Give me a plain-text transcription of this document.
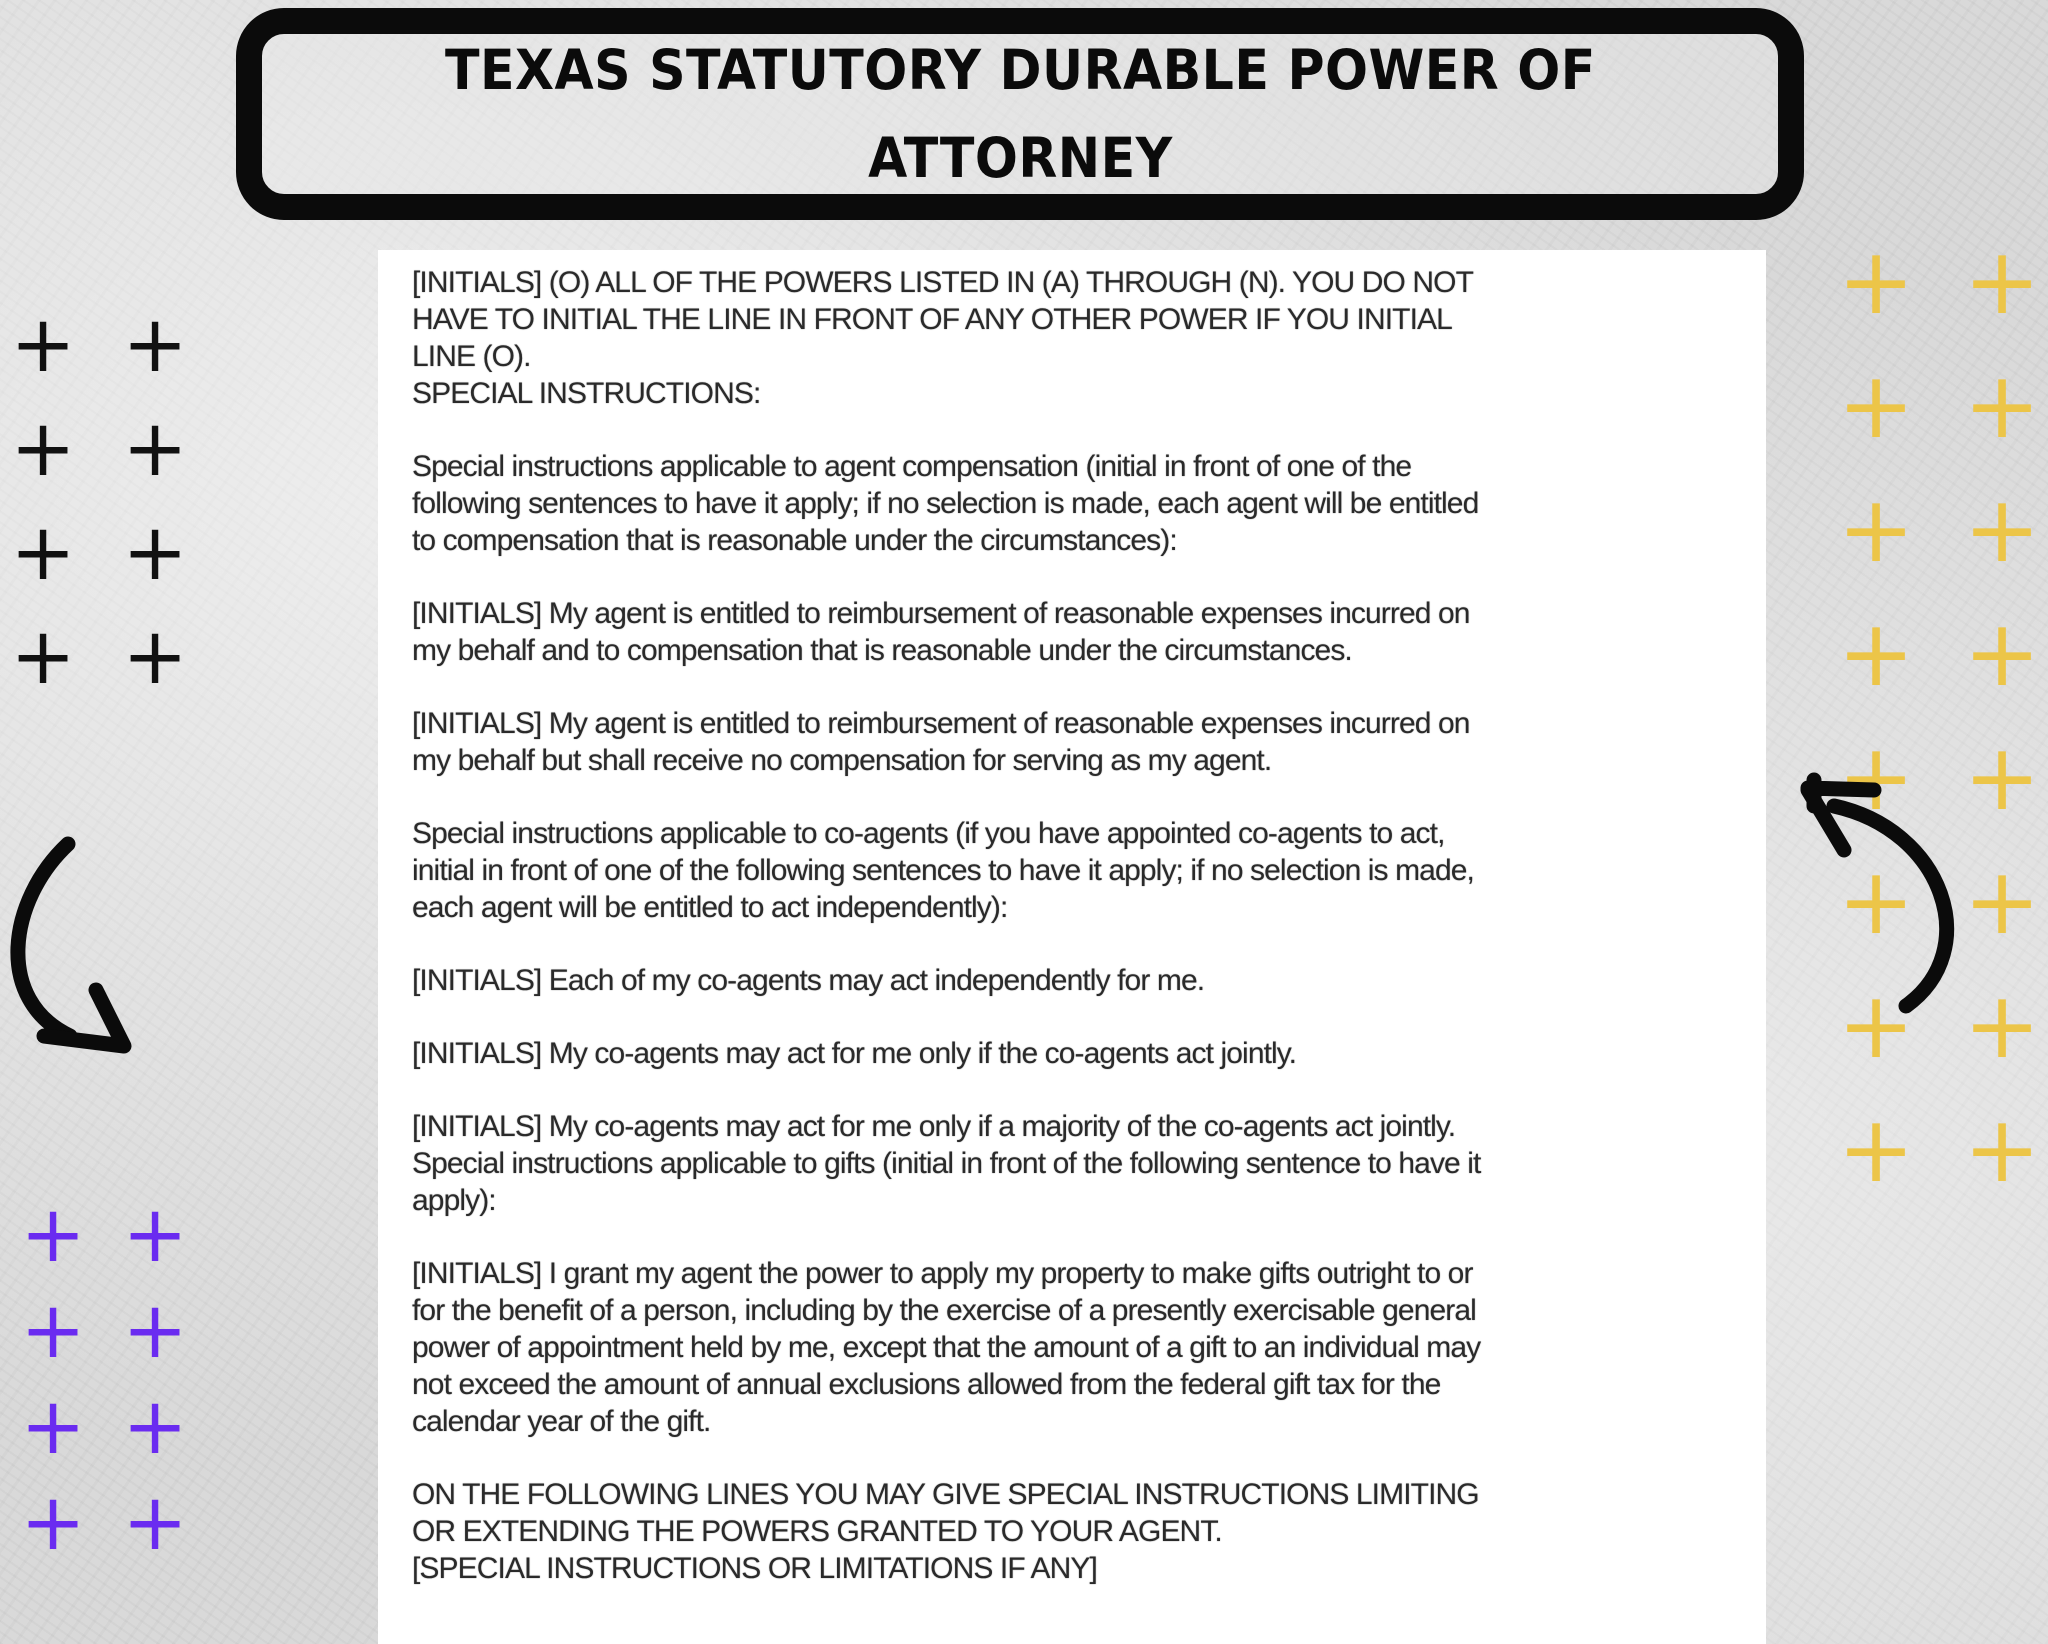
TEXAS STATUTORY DURABLE POWER OF
ATTORNEY

[INITIALS] (O) ALL OF THE POWERS LISTED IN (A) THROUGH (N). YOU DO NOT
HAVE TO INITIAL THE LINE IN FRONT OF ANY OTHER POWER IF YOU INITIAL
LINE (O).
SPECIAL INSTRUCTIONS:

Special instructions applicable to agent compensation (initial in front of one of the
following sentences to have it apply; if no selection is made, each agent will be entitled
to compensation that is reasonable under the circumstances):

[INITIALS] My agent is entitled to reimbursement of reasonable expenses incurred on
my behalf and to compensation that is reasonable under the circumstances.

[INITIALS] My agent is entitled to reimbursement of reasonable expenses incurred on
my behalf but shall receive no compensation for serving as my agent.

Special instructions applicable to co-agents (if you have appointed co-agents to act,
initial in front of one of the following sentences to have it apply; if no selection is made,
each agent will be entitled to act independently):

[INITIALS] Each of my co-agents may act independently for me.

[INITIALS] My co-agents may act for me only if the co-agents act jointly.

[INITIALS] My co-agents may act for me only if a majority of the co-agents act jointly.
Special instructions applicable to gifts (initial in front of the following sentence to have it
apply):

[INITIALS] I grant my agent the power to apply my property to make gifts outright to or
for the benefit of a person, including by the exercise of a presently exercisable general
power of appointment held by me, except that the amount of a gift to an individual may
not exceed the amount of annual exclusions allowed from the federal gift tax for the
calendar year of the gift.

ON THE FOLLOWING LINES YOU MAY GIVE SPECIAL INSTRUCTIONS LIMITING
OR EXTENDING THE POWERS GRANTED TO YOUR AGENT.
[SPECIAL INSTRUCTIONS OR LIMITATIONS IF ANY]

+ +
+ +
+ +
+ +
+ +
+ +
+ +
+ +
+ +
+ +
+ +
+ +
+ +
+ +
+ +
+ +
